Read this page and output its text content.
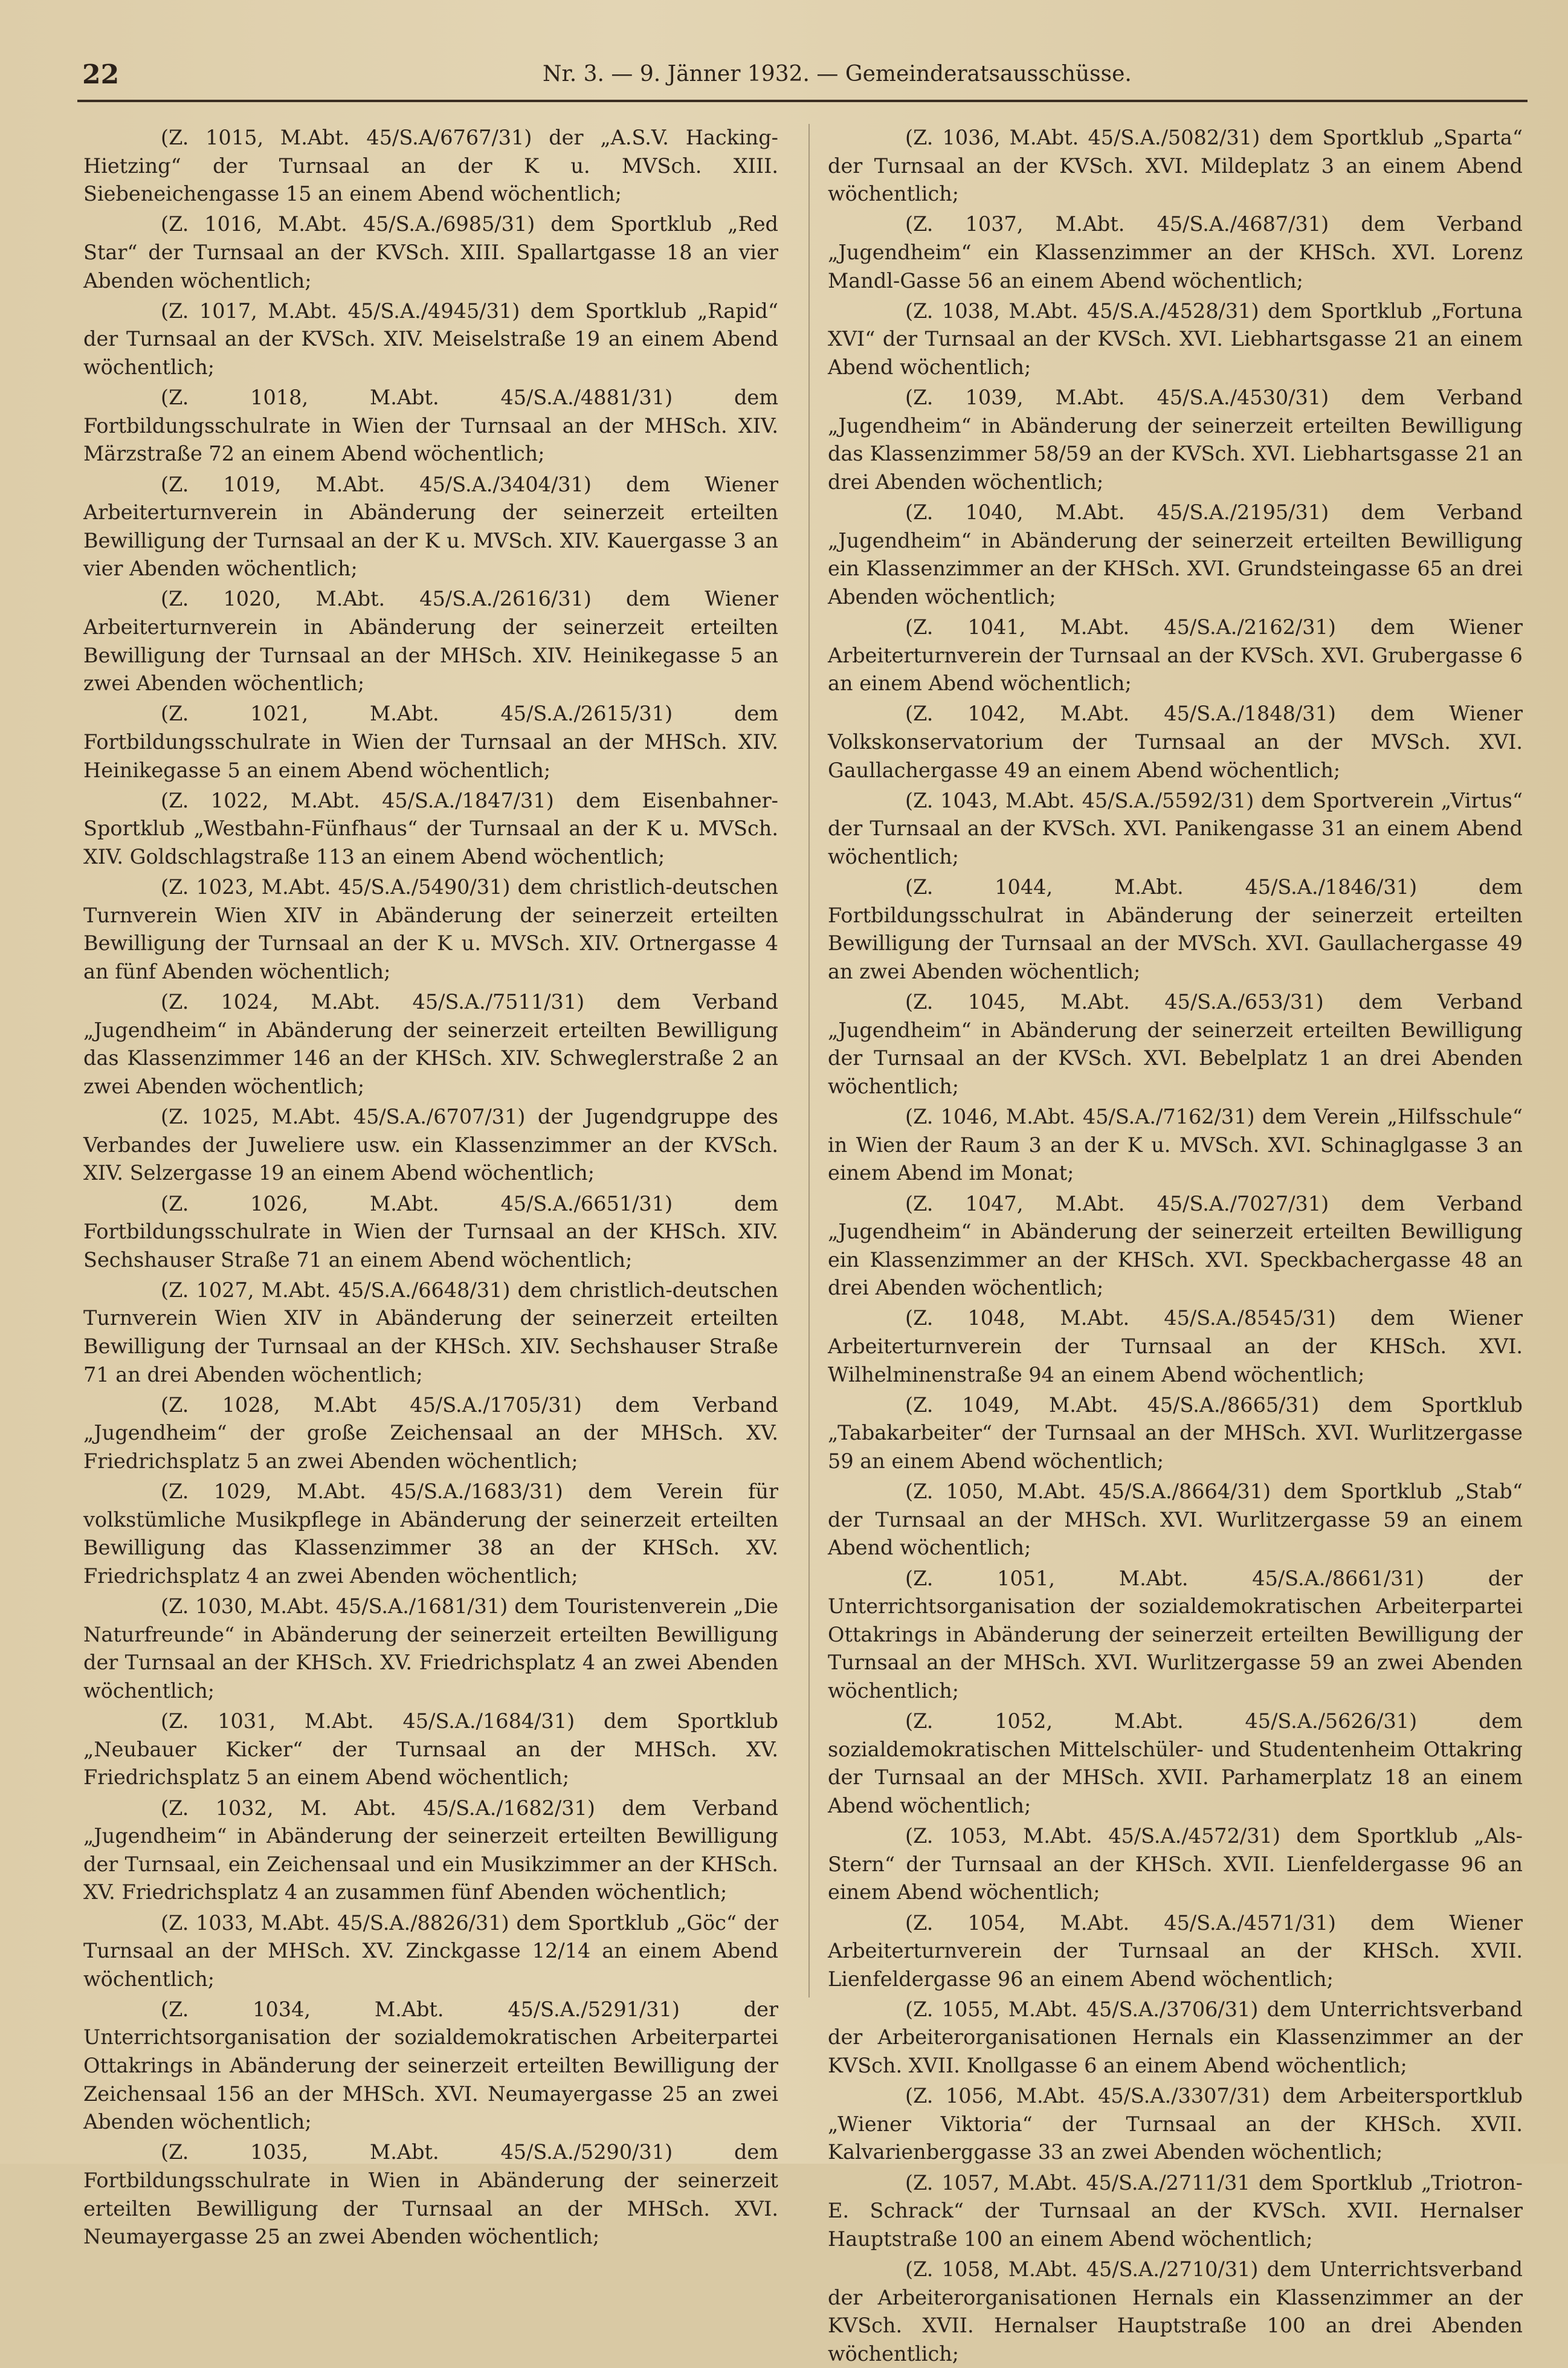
22	Nr. 3. — 9. Jänner 1932. — Gemeinderatsausschüsse.

(Z. 1015, M.Abt. 45/S.A/6767/31) der „A.S.V. Hacking-Hietzing“ der Turnsaal an der K u. MVSch. XIII. Siebeneichengasse 15 an einem Abend wöchentlich;

(Z. 1016, M.Abt. 45/S.A./6985/31) dem Sportklub „Red Star“ der Turnsaal an der KVSch. XIII. Spallartgasse 18 an vier Abenden wöchentlich;

(Z. 1017, M.Abt. 45/S.A./4945/31) dem Sportklub „Rapid“ der Turnsaal an der KVSch. XIV. Meiselstraße 19 an einem Abend wöchentlich;

(Z. 1018, M.Abt. 45/S.A./4881/31) dem Fortbildungsschulrate in Wien der Turnsaal an der MHSch. XIV. Märzstraße 72 an einem Abend wöchentlich;

(Z. 1019, M.Abt. 45/S.A./3404/31) dem Wiener Arbeiterturnverein in Abänderung der seinerzeit erteilten Bewilligung der Turnsaal an der K u. MVSch. XIV. Kauergasse 3 an vier Abenden wöchentlich;

(Z. 1020, M.Abt. 45/S.A./2616/31) dem Wiener Arbeiterturnverein in Abänderung der seinerzeit erteilten Bewilligung der Turnsaal an der MHSch. XIV. Heinikegasse 5 an zwei Abenden wöchentlich;

(Z. 1021, M.Abt. 45/S.A./2615/31) dem Fortbildungsschulrate in Wien der Turnsaal an der MHSch. XIV. Heinikegasse 5 an einem Abend wöchentlich;

(Z. 1022, M.Abt. 45/S.A./1847/31) dem Eisenbahner-Sportklub „Westbahn-Fünfhaus“ der Turnsaal an der K u. MVSch. XIV. Goldschlagstraße 113 an einem Abend wöchentlich;

(Z. 1023, M.Abt. 45/S.A./5490/31) dem christlich-deutschen Turnverein Wien XIV in Abänderung der seinerzeit erteilten Bewilligung der Turnsaal an der K u. MVSch. XIV. Ortnergasse 4 an fünf Abenden wöchentlich;

(Z. 1024, M.Abt. 45/S.A./7511/31) dem Verband „Jugendheim“ in Abänderung der seinerzeit erteilten Bewilligung das Klassenzimmer 146 an der KHSch. XIV. Schweglerstraße 2 an zwei Abenden wöchentlich;

(Z. 1025, M.Abt. 45/S.A./6707/31) der Jugendgruppe des Verbandes der Juweliere usw. ein Klassenzimmer an der KVSch. XIV. Selzergasse 19 an einem Abend wöchentlich;

(Z. 1026, M.Abt. 45/S.A./6651/31) dem Fortbildungsschulrate in Wien der Turnsaal an der KHSch. XIV. Sechshauser Straße 71 an einem Abend wöchentlich;

(Z. 1027, M.Abt. 45/S.A./6648/31) dem christlich-deutschen Turnverein Wien XIV in Abänderung der seinerzeit erteilten Bewilligung der Turnsaal an der KHSch. XIV. Sechshauser Straße 71 an drei Abenden wöchentlich;

(Z. 1028, M.Abt 45/S.A./1705/31) dem Verband „Jugendheim“ der große Zeichensaal an der MHSch. XV. Friedrichsplatz 5 an zwei Abenden wöchentlich;

(Z. 1029, M.Abt. 45/S.A./1683/31) dem Verein für volkstümliche Musikpflege in Abänderung der seinerzeit erteilten Bewilligung das Klassenzimmer 38 an der KHSch. XV. Friedrichsplatz 4 an zwei Abenden wöchentlich;

(Z. 1030, M.Abt. 45/S.A./1681/31) dem Touristenverein „Die Naturfreunde“ in Abänderung der seinerzeit erteilten Bewilligung der Turnsaal an der KHSch. XV. Friedrichsplatz 4 an zwei Abenden wöchentlich;

(Z. 1031, M.Abt. 45/S.A./1684/31) dem Sportklub „Neubauer Kicker“ der Turnsaal an der MHSch. XV. Friedrichsplatz 5 an einem Abend wöchentlich;

(Z. 1032, M. Abt. 45/S.A./1682/31) dem Verband „Jugendheim“ in Abänderung der seinerzeit erteilten Bewilligung der Turnsaal, ein Zeichensaal und ein Musikzimmer an der KHSch. XV. Friedrichsplatz 4 an zusammen fünf Abenden wöchentlich;

(Z. 1033, M.Abt. 45/S.A./8826/31) dem Sportklub „Göc“ der Turnsaal an der MHSch. XV. Zinckgasse 12/14 an einem Abend wöchentlich;

(Z. 1034, M.Abt. 45/S.A./5291/31) der Unterrichtsorganisation der sozialdemokratischen Arbeiterpartei Ottakrings in Abänderung der seinerzeit erteilten Bewilligung der Zeichensaal 156 an der MHSch. XVI. Neumayergasse 25 an zwei Abenden wöchentlich;

(Z. 1035, M.Abt. 45/S.A./5290/31) dem Fortbildungsschulrate in Wien in Abänderung der seinerzeit erteilten Bewilligung der Turnsaal an der MHSch. XVI. Neumayergasse 25 an zwei Abenden wöchentlich;

(Z. 1036, M.Abt. 45/S.A./5082/31) dem Sportklub „Sparta“ der Turnsaal an der KVSch. XVI. Mildeplatz 3 an einem Abend wöchentlich;

(Z. 1037, M.Abt. 45/S.A./4687/31) dem Verband „Jugendheim“ ein Klassenzimmer an der KHSch. XVI. Lorenz Mandl-Gasse 56 an einem Abend wöchentlich;

(Z. 1038, M.Abt. 45/S.A./4528/31) dem Sportklub „Fortuna XVI“ der Turnsaal an der KVSch. XVI. Liebhartsgasse 21 an einem Abend wöchentlich;

(Z. 1039, M.Abt. 45/S.A./4530/31) dem Verband „Jugendheim“ in Abänderung der seinerzeit erteilten Bewilligung das Klassenzimmer 58/59 an der KVSch. XVI. Liebhartsgasse 21 an drei Abenden wöchentlich;

(Z. 1040, M.Abt. 45/S.A./2195/31) dem Verband „Jugendheim“ in Abänderung der seinerzeit erteilten Bewilligung ein Klassenzimmer an der KHSch. XVI. Grundsteingasse 65 an drei Abenden wöchentlich;

(Z. 1041, M.Abt. 45/S.A./2162/31) dem Wiener Arbeiterturnverein der Turnsaal an der KVSch. XVI. Grubergasse 6 an einem Abend wöchentlich;

(Z. 1042, M.Abt. 45/S.A./1848/31) dem Wiener Volkskonservatorium der Turnsaal an der MVSch. XVI. Gaullachergasse 49 an einem Abend wöchentlich;

(Z. 1043, M.Abt. 45/S.A./5592/31) dem Sportverein „Virtus“ der Turnsaal an der KVSch. XVI. Panikengasse 31 an einem Abend wöchentlich;

(Z. 1044, M.Abt. 45/S.A./1846/31) dem Fortbildungsschulrat in Abänderung der seinerzeit erteilten Bewilligung der Turnsaal an der MVSch. XVI. Gaullachergasse 49 an zwei Abenden wöchentlich;

(Z. 1045, M.Abt. 45/S.A./653/31) dem Verband „Jugendheim“ in Abänderung der seinerzeit erteilten Bewilligung der Turnsaal an der KVSch. XVI. Bebelplatz 1 an drei Abenden wöchentlich;

(Z. 1046, M.Abt. 45/S.A./7162/31) dem Verein „Hilfsschule“ in Wien der Raum 3 an der K u. MVSch. XVI. Schinaglgasse 3 an einem Abend im Monat;

(Z. 1047, M.Abt. 45/S.A./7027/31) dem Verband „Jugendheim“ in Abänderung der seinerzeit erteilten Bewilligung ein Klassenzimmer an der KHSch. XVI. Speckbachergasse 48 an drei Abenden wöchentlich;

(Z. 1048, M.Abt. 45/S.A./8545/31) dem Wiener Arbeiterturnverein der Turnsaal an der KHSch. XVI. Wilhelminenstraße 94 an einem Abend wöchentlich;

(Z. 1049, M.Abt. 45/S.A./8665/31) dem Sportklub „Tabakarbeiter“ der Turnsaal an der MHSch. XVI. Wurlitzergasse 59 an einem Abend wöchentlich;

(Z. 1050, M.Abt. 45/S.A./8664/31) dem Sportklub „Stab“ der Turnsaal an der MHSch. XVI. Wurlitzergasse 59 an einem Abend wöchentlich;

(Z. 1051, M.Abt. 45/S.A./8661/31) der Unterrichtsorganisation der sozialdemokratischen Arbeiterpartei Ottakrings in Abänderung der seinerzeit erteilten Bewilligung der Turnsaal an der MHSch. XVI. Wurlitzergasse 59 an zwei Abenden wöchentlich;

(Z. 1052, M.Abt. 45/S.A./5626/31) dem sozialdemokratischen Mittelschüler- und Studentenheim Ottakring der Turnsaal an der MHSch. XVII. Parhamerplatz 18 an einem Abend wöchentlich;

(Z. 1053, M.Abt. 45/S.A./4572/31) dem Sportklub „Als-Stern“ der Turnsaal an der KHSch. XVII. Lienfeldergasse 96 an einem Abend wöchentlich;

(Z. 1054, M.Abt. 45/S.A./4571/31) dem Wiener Arbeiterturnverein der Turnsaal an der KHSch. XVII. Lienfeldergasse 96 an einem Abend wöchentlich;

(Z. 1055, M.Abt. 45/S.A./3706/31) dem Unterrichtsverband der Arbeiterorganisationen Hernals ein Klassenzimmer an der KVSch. XVII. Knollgasse 6 an einem Abend wöchentlich;

(Z. 1056, M.Abt. 45/S.A./3307/31) dem Arbeitersportklub „Wiener Viktoria“ der Turnsaal an der KHSch. XVII. Kalvarienberggasse 33 an zwei Abenden wöchentlich;

(Z. 1057, M.Abt. 45/S.A./2711/31 dem Sportklub „Triotron-E. Schrack“ der Turnsaal an der KVSch. XVII. Hernalser Hauptstraße 100 an einem Abend wöchentlich;

(Z. 1058, M.Abt. 45/S.A./2710/31) dem Unterrichtsverband der Arbeiterorganisationen Hernals ein Klassenzimmer an der KVSch. XVII. Hernalser Hauptstraße 100 an drei Abenden wöchentlich;
